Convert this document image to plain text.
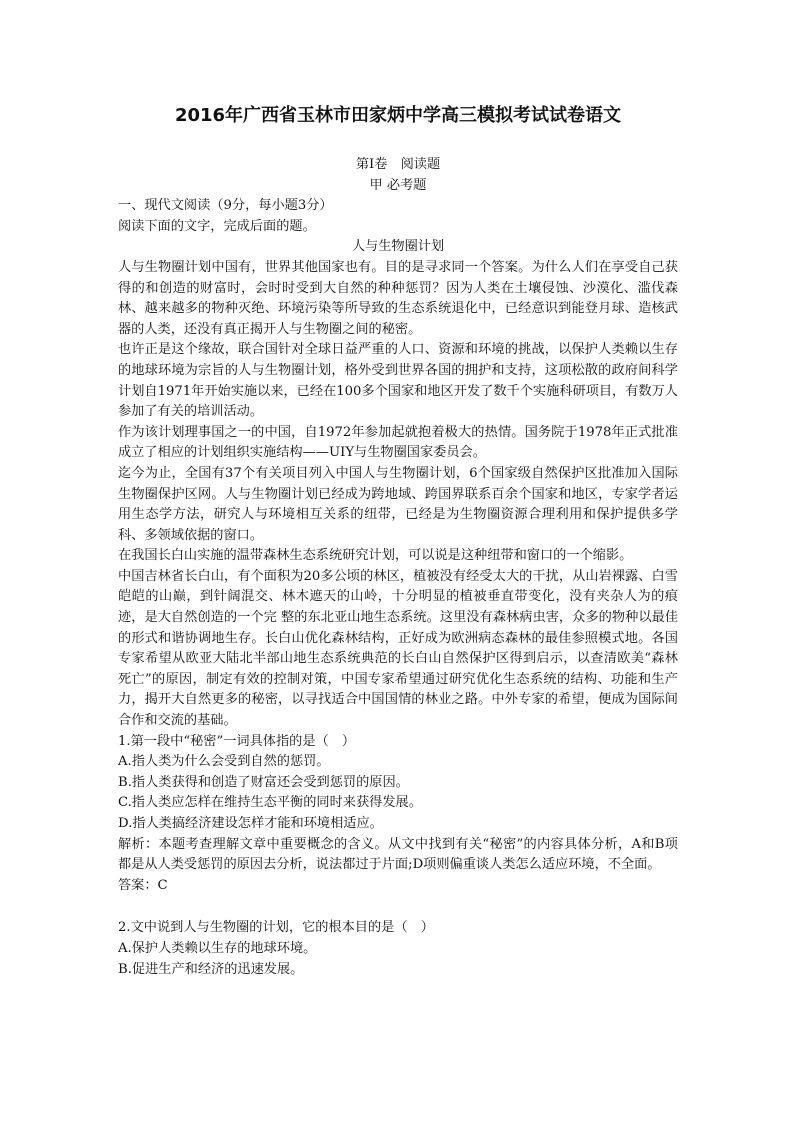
2016年广西省玉林市田家炳中学高三模拟考试试卷语文
第Ⅰ卷　阅读题
甲 必考题
一、现代文阅读（9分，每小题3分）
阅读下面的文字，完成后面的题。
人与生物圈计划

人与生物圈计划中国有，世界其他国家也有。目的是寻求同一个答案。为什么人们在享受自己获得的和创造的财富时，会时时受到大自然的种种惩罚？因为人类在土壤侵蚀、沙漠化、滥伐森林、越来越多的物种灭绝、环境污染等所导致的生态系统退化中，已经意识到能登月球、造核武器的人类，还没有真正揭开人与生物圈之间的秘密。

也许正是这个缘故，联合国针对全球日益严重的人口、资源和环境的挑战，以保护人类赖以生存的地球环境为宗旨的人与生物圈计划，格外受到世界各国的拥护和支持，这项松散的政府间科学计划自1971年开始实施以来，已经在100多个国家和地区开发了数千个实施科研项目，有数万人参加了有关的培训活动。

作为该计划理事国之一的中国，自1972年参加起就抱着极大的热情。国务院于1978年正式批准成立了相应的计划组织实施结构——UIY与生物圈国家委员会。

迄今为止，全国有37个有关项目列入中国人与生物圈计划，6个国家级自然保护区批准加入国际生物圈保护区网。人与生物圈计划已经成为跨地域、跨国界联系百余个国家和地区，专家学者运用生态学方法，研究人与环境相互关系的纽带，已经是为生物圈资源合理利用和保护提供多学科、多领域依据的窗口。

在我国长白山实施的温带森林生态系统研究计划，可以说是这种纽带和窗口的一个缩影。

中国吉林省长白山，有个面积为20多公顷的林区，植被没有经受太大的干扰，从山岩裸露、白雪皑皑的山巅，到针阔混交、林木遮天的山岭，十分明显的植被垂直带变化，没有夹杂人为的痕迹，是大自然创造的一个完 整的东北亚山地生态系统。这里没有森林病虫害，众多的物种以最佳的形式和谐协调地生存。长白山优化森林结构，正好成为欧洲病态森林的最佳参照模式地。各国专家希望从欧亚大陆北半部山地生态系统典范的长白山自然保护区得到启示，以查清欧美“森林死亡”的原因，制定有效的控制对策，中国专家希望通过研究优化生态系统的结构、功能和生产力，揭开大自然更多的秘密，以寻找适合中国国情的林业之路。中外专家的希望，便成为国际间合作和交流的基础。

1.第一段中“秘密”一词具体指的是（　）
A.指人类为什么会受到自然的惩罚。
B.指人类获得和创造了财富还会受到惩罚的原因。
C.指人类应怎样在维持生态平衡的同时来获得发展。
D.指人类搞经济建设怎样才能和环境相适应。

解析：本题考查理解文章中重要概念的含义。从文中找到有关“秘密”的内容具体分析，A和B项都是从人类受惩罚的原因去分析，说法都过于片面;D项则偏重谈人类怎么适应环境，不全面。

答案：C
2.文中说到人与生物圈的计划，它的根本目的是（　）
A.保护人类赖以生存的地球环境。
B.促进生产和经济的迅速发展。
